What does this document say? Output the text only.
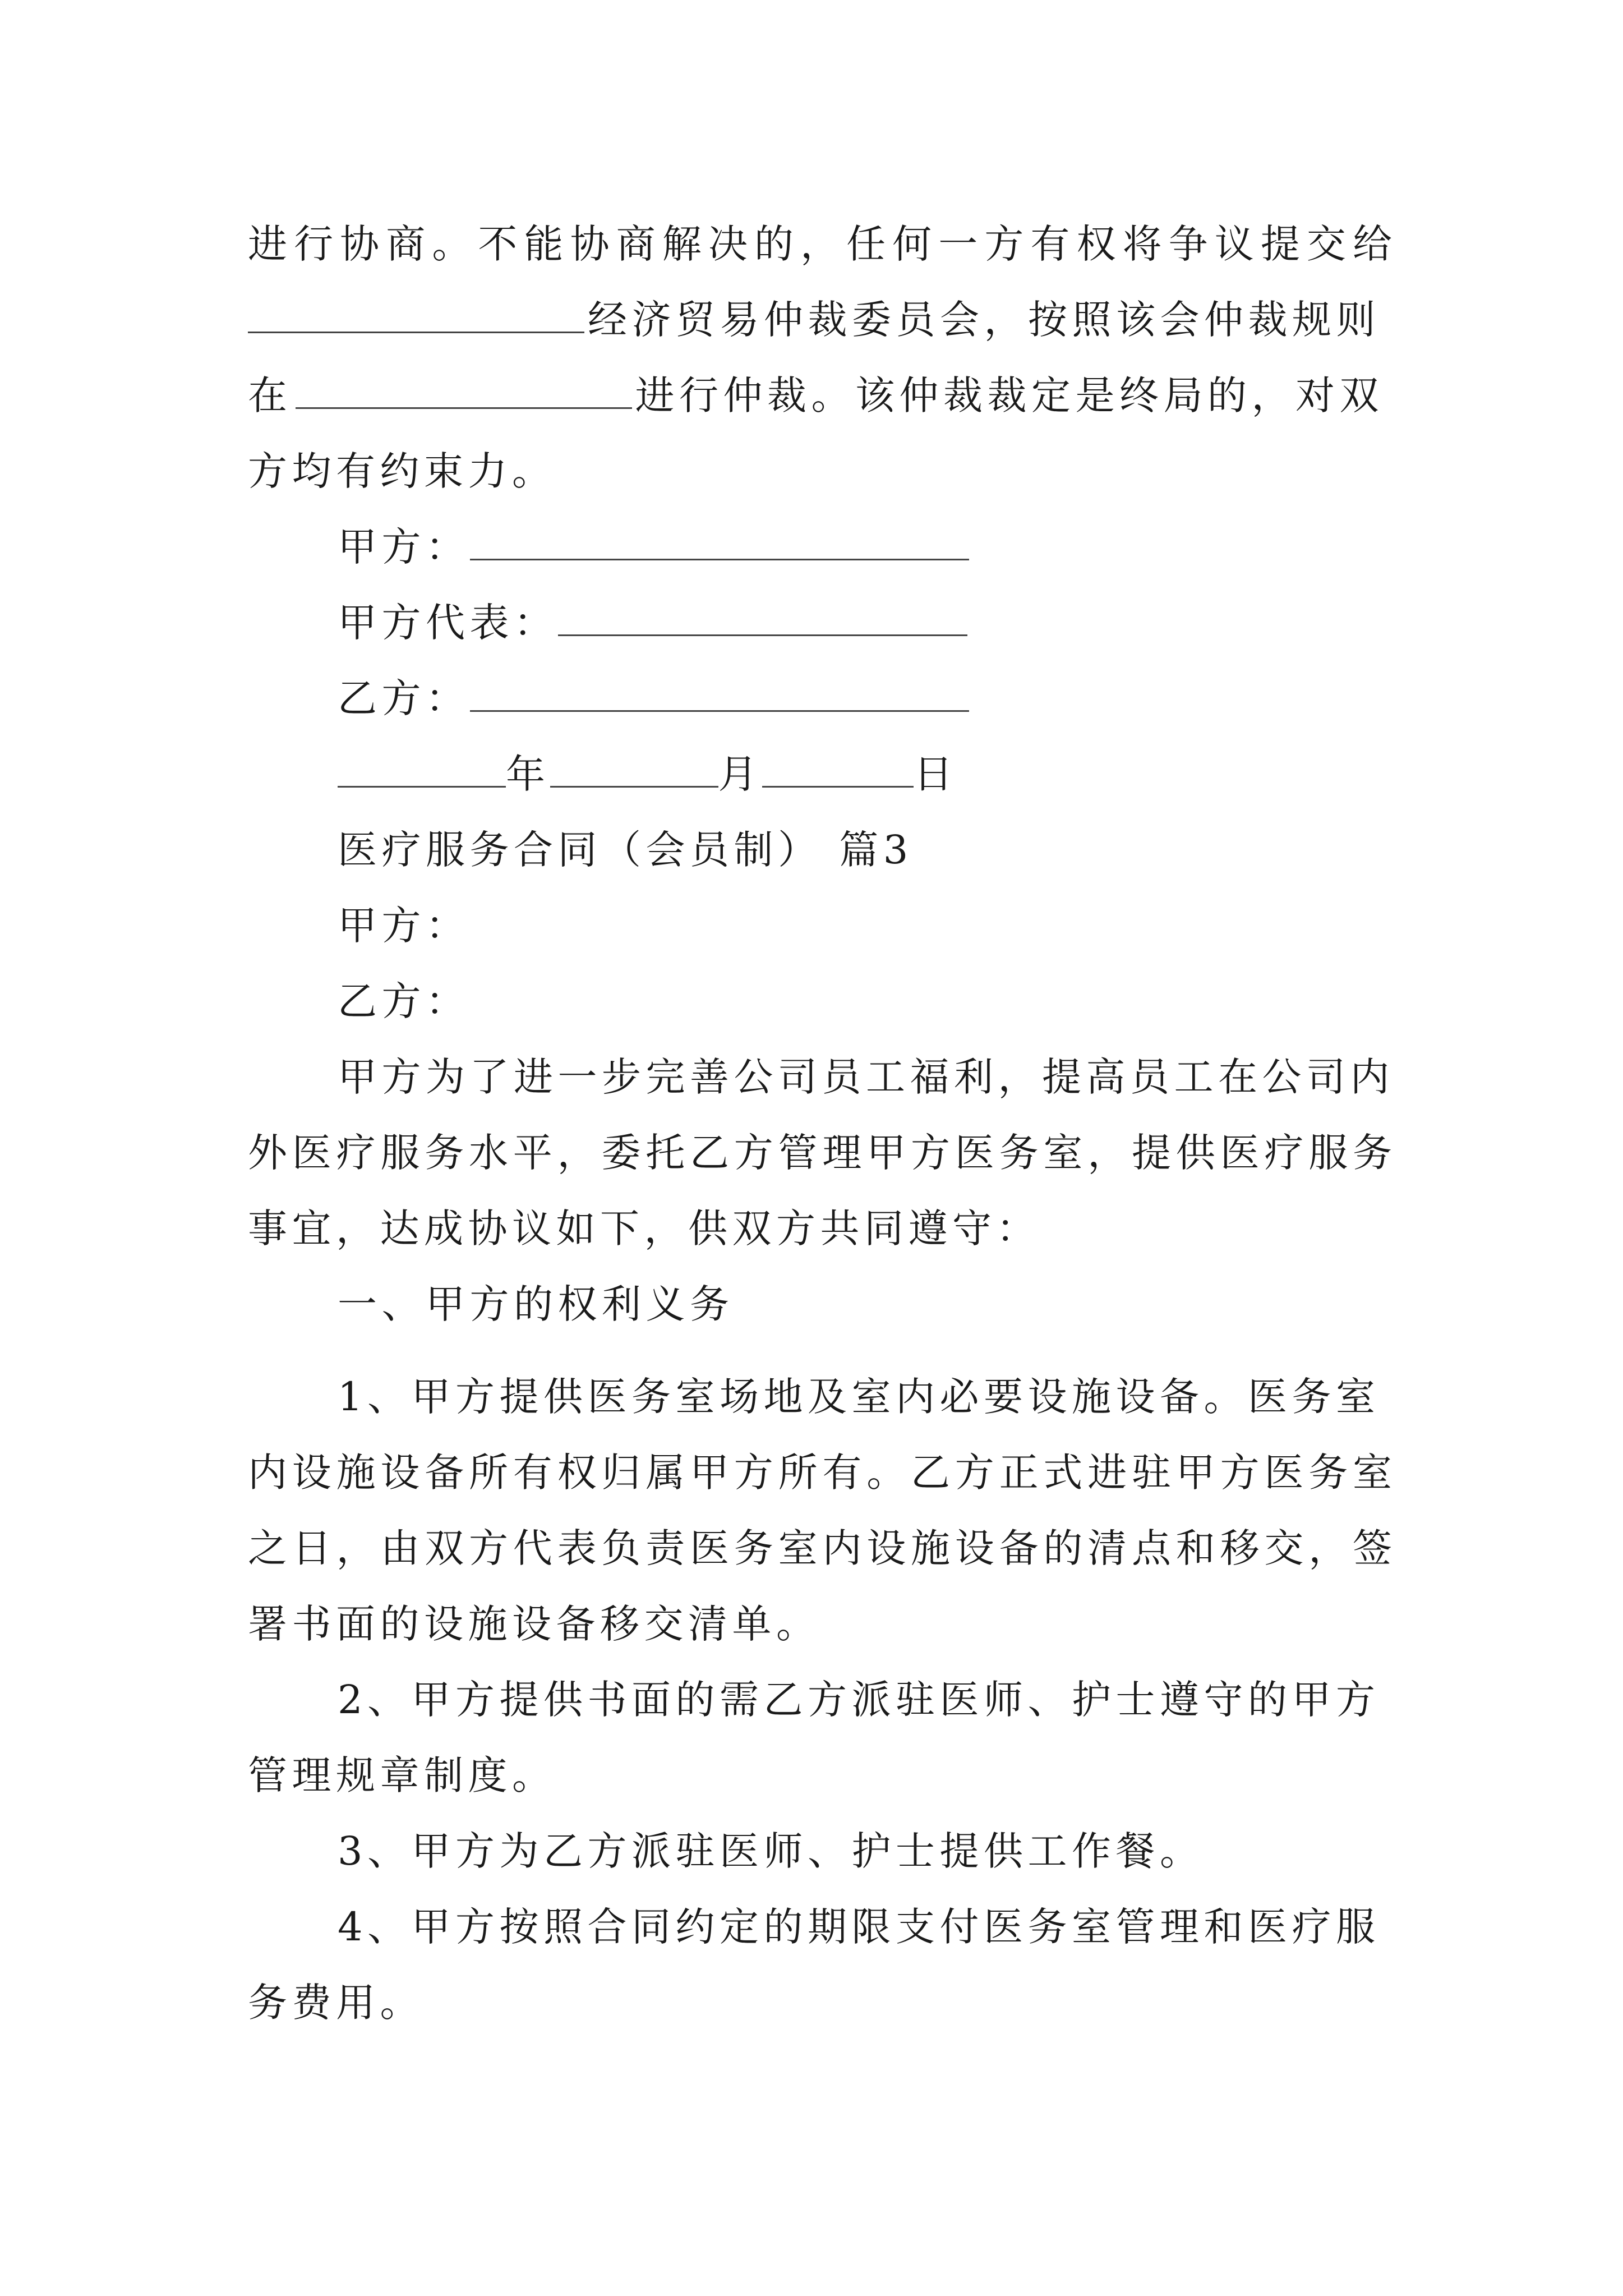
进行协商。不能协商解决的，任何一方有权将争议提交给
经济贸易仲裁委员会，按照该会仲裁规则
在	进行仲裁。该仲裁裁定是终局的，对双
方均有约束力。
甲方：
甲方代表：
乙方：
年	月	日
医疗服务合同（会员制） 篇3
甲方：
乙方：
甲方为了进一步完善公司员工福利，提高员工在公司内
外医疗服务水平，委托乙方管理甲方医务室，提供医疗服务
事宜，达成协议如下，供双方共同遵守：
一、甲方的权利义务
1、甲方提供医务室场地及室内必要设施设备。医务室
内设施设备所有权归属甲方所有。乙方正式进驻甲方医务室
之日，由双方代表负责医务室内设施设备的清点和移交，签
署书面的设施设备移交清单。
2、甲方提供书面的需乙方派驻医师、护士遵守的甲方
管理规章制度。
3、甲方为乙方派驻医师、护士提供工作餐。
4、甲方按照合同约定的期限支付医务室管理和医疗服
务费用。
